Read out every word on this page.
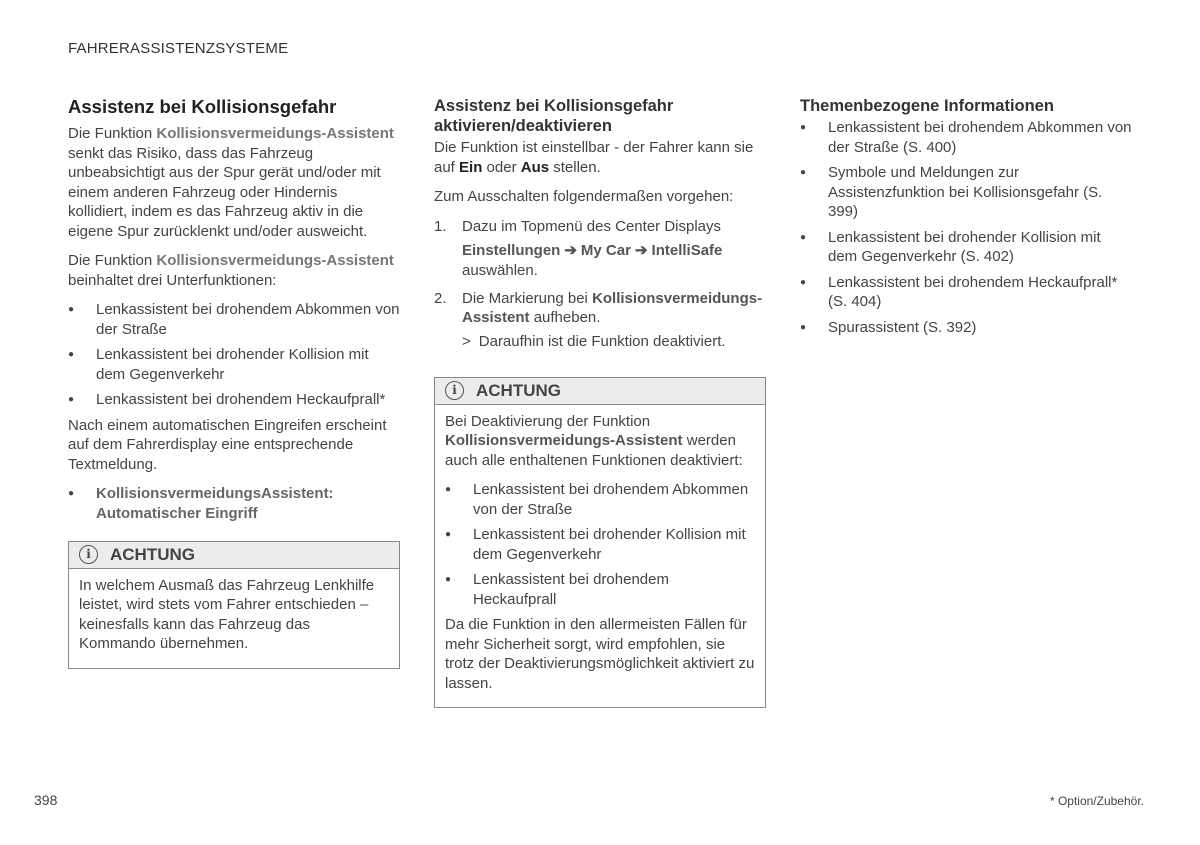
FAHRERASSISTENZSYSTEME
Assistenz bei Kollisionsgefahr

Die Funktion Kollisionsvermeidungs-Assistent senkt das Risiko, dass das Fahrzeug unbeabsichtigt aus der Spur gerät und/oder mit einem anderen Fahrzeug oder Hindernis kollidiert, indem es das Fahrzeug aktiv in die eigene Spur zurücklenkt und/oder ausweicht.

Die Funktion Kollisionsvermeidungs-Assistent beinhaltet drei Unterfunktionen:

● Lenkassistent bei drohendem Abkommen von der Straße
● Lenkassistent bei drohender Kollision mit dem Gegenverkehr
● Lenkassistent bei drohendem Heckaufprall*

Nach einem automatischen Eingreifen erscheint auf dem Fahrerdisplay eine entsprechende Textmeldung.

● KollisionsvermeidungsAssistent: Automatischer Eingriff
i	ACHTUNG

In welchem Ausmaß das Fahrzeug Lenkhilfe leistet, wird stets vom Fahrer entschieden – keinesfalls kann das Fahrzeug das Kommando übernehmen.

Assistenz bei Kollisionsgefahr aktivieren/deaktivieren

Die Funktion ist einstellbar - der Fahrer kann sie auf Ein oder Aus stellen.

Zum Ausschalten folgendermaßen vorgehen:

1. Dazu im Topmenü des Center Displays
Einstellungen ➔ My Car ➔ IntelliSafe
auswählen.
2. Die Markierung bei Kollisionsvermeidungs-Assistent aufheben.
> Daraufhin ist die Funktion deaktiviert.
i	ACHTUNG

Bei Deaktivierung der Funktion Kollisionsvermeidungs-Assistent werden auch alle enthaltenen Funktionen deaktiviert:

● Lenkassistent bei drohendem Abkommen von der Straße
● Lenkassistent bei drohender Kollision mit dem Gegenverkehr
● Lenkassistent bei drohendem Heckaufprall

Da die Funktion in den allermeisten Fällen für mehr Sicherheit sorgt, wird empfohlen, sie trotz der Deaktivierungsmöglichkeit aktiviert zu lassen.

Themenbezogene Informationen
● Lenkassistent bei drohendem Abkommen von der Straße (S. 400)
● Symbole und Meldungen zur Assistenzfunktion bei Kollisionsgefahr (S. 399)
● Lenkassistent bei drohender Kollision mit dem Gegenverkehr (S. 402)
● Lenkassistent bei drohendem Heckaufprall* (S. 404)
● Spurassistent (S. 392)
398	* Option/Zubehör.
